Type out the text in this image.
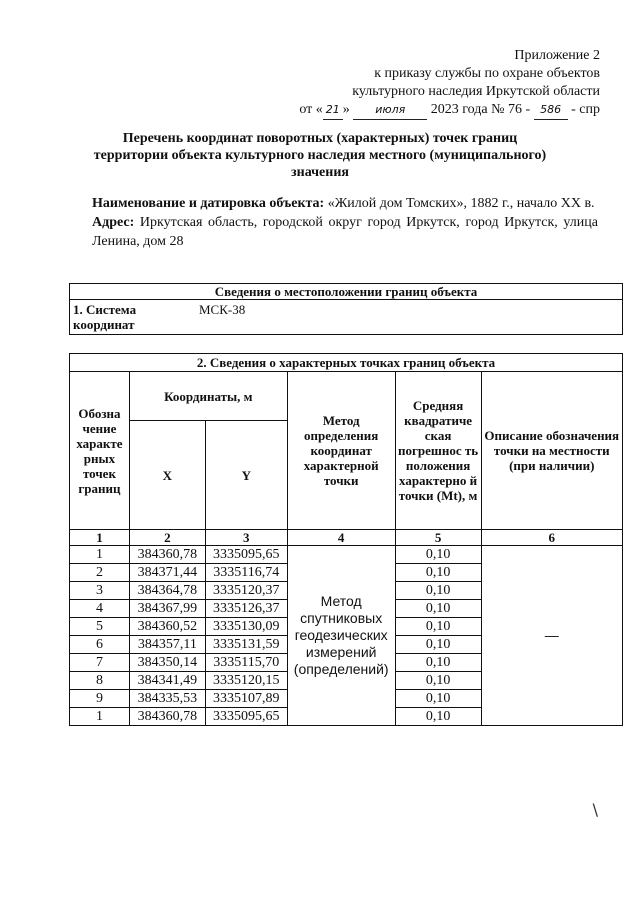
Приложение 2
к приказу службы по охране объектов
культурного наследия Иркутской области
от « 21 » июля 2023 года № 76 - 586 - спр
Перечень координат поворотных (характерных) точек границ
территории объекта культурного наследия местного (муниципального)
значения

Наименование и датировка объекта: «Жилой дом Томских», 1882 г., начало XX в.

Адрес: Иркутская область, городской округ город Иркутск, город Иркутск, улица Ленина, дом 28

Сведения о местоположении границ объекта
1. Система координат	МСК-38

2. Сведения о характерных точках границ объекта					
Обозна чение характе рных точек границ	Координаты, м		Метод определения координат характерной точки	Средняя квадратиче ская погрешнос ть положения характерно й точки (Mt), м	Описание обозначения точки на местности (при наличии)
	X	Y			
1	2	3	4	5	6
1	384360,78	3335095,65	Метод спутниковых геодезических измерений (определений)	0,10	—
2	384371,44	3335116,74		0,10	
3	384364,78	3335120,37		0,10	
4	384367,99	3335126,37		0,10	
5	384360,52	3335130,09		0,10	
6	384357,11	3335131,59		0,10	
7	384350,14	3335115,70		0,10	
8	384341,49	3335120,15		0,10	
9	384335,53	3335107,89		0,10	
1	384360,78	3335095,65		0,10	
\
